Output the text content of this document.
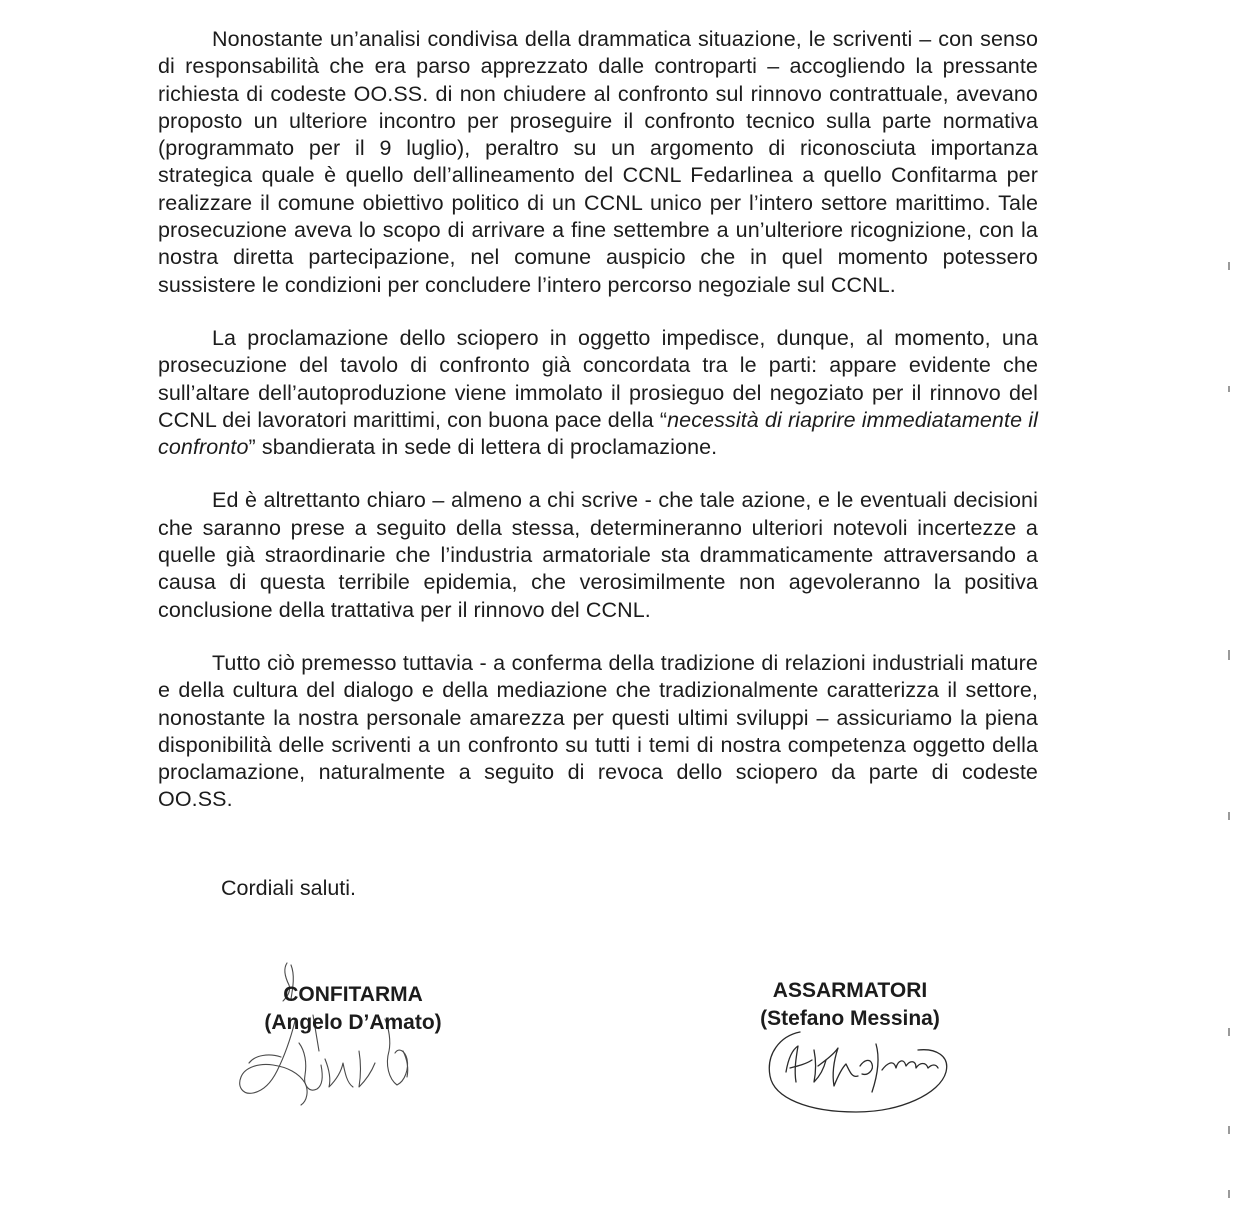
Nonostante un’analisi condivisa della drammatica situazione, le scriventi – con senso di responsabilità che era parso apprezzato dalle controparti – accogliendo la pressante richiesta di codeste OO.SS. di non chiudere al confronto sul rinnovo contrattuale, avevano proposto un ulteriore incontro per proseguire il confronto tecnico sulla parte normativa (programmato per il 9 luglio), peraltro su un argomento di riconosciuta importanza strategica quale è quello dell’allineamento del CCNL Fedarlinea a quello Confitarma per realizzare il comune obiettivo politico di un CCNL unico per l’intero settore marittimo. Tale prosecuzione aveva lo scopo di arrivare a fine settembre a un’ulteriore ricognizione, con la nostra diretta partecipazione, nel comune auspicio che in quel momento potessero sussistere le condizioni per concludere l’intero percorso negoziale sul CCNL.

La proclamazione dello sciopero in oggetto impedisce, dunque, al momento, una prosecuzione del tavolo di confronto già concordata tra le parti: appare evidente che sull’altare dell’autoproduzione viene immolato il prosieguo del negoziato per il rinnovo del CCNL dei lavoratori marittimi, con buona pace della “necessità di riaprire immediatamente il confronto” sbandierata in sede di lettera di proclamazione.

Ed è altrettanto chiaro – almeno a chi scrive - che tale azione, e le eventuali decisioni che saranno prese a seguito della stessa, determineranno ulteriori notevoli incertezze a quelle già straordinarie che l’industria armatoriale sta drammaticamente attraversando a causa di questa terribile epidemia, che verosimilmente non agevoleranno la positiva conclusione della trattativa per il rinnovo del CCNL.

Tutto ciò premesso tuttavia - a conferma della tradizione di relazioni industriali mature e della cultura del dialogo e della mediazione che tradizionalmente caratterizza il settore, nonostante la nostra personale amarezza per questi ultimi sviluppi – assicuriamo la piena disponibilità delle scriventi a un confronto su tutti i temi di nostra competenza oggetto della proclamazione, naturalmente a seguito di revoca dello sciopero da parte di codeste OO.SS.

Cordiali saluti.
CONFITARMA
(Angelo D’Amato)
ASSARMATORI
(Stefano Messina)
